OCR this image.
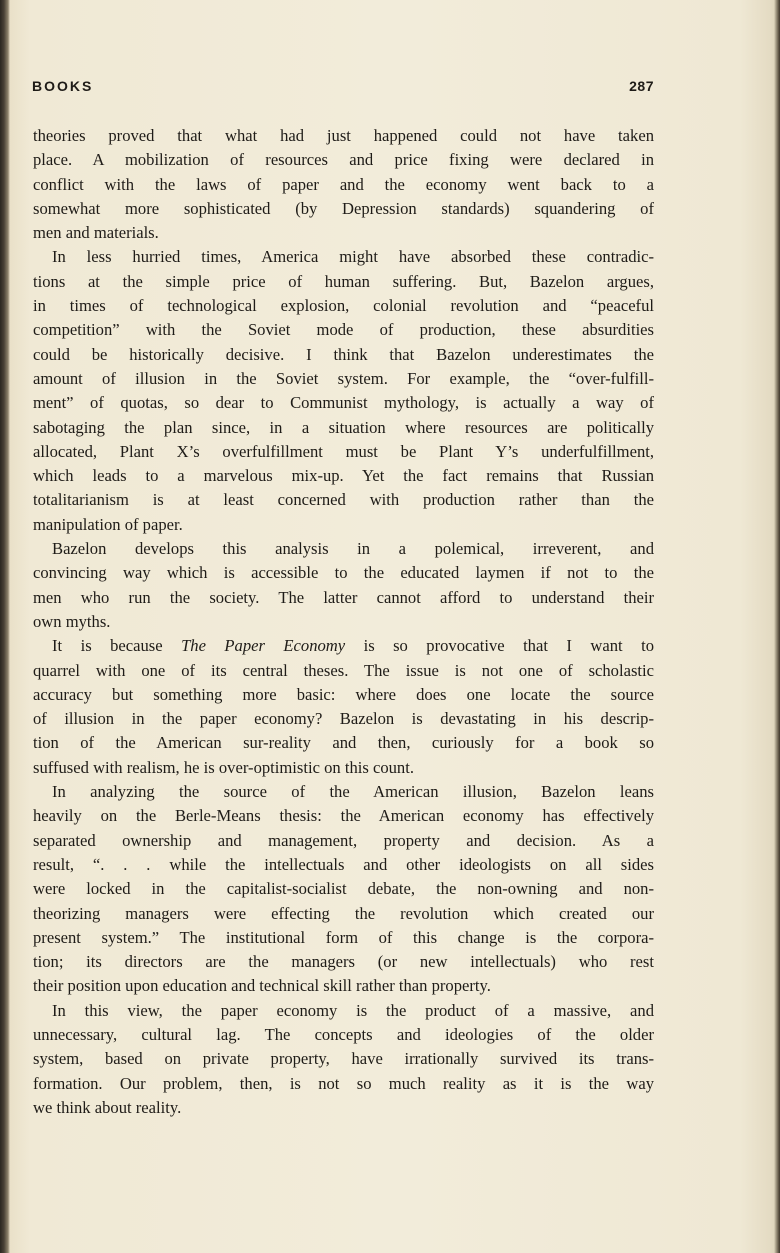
BOOKS	287

theories proved that what had just happened could not have taken
place. A mobilization of resources and price fixing were declared in
conflict with the laws of paper and the economy went back to a
somewhat more sophisticated (by Depression standards) squandering of
men and materials.

In less hurried times, America might have absorbed these contradic-
tions at the simple price of human suffering. But, Bazelon argues,
in times of technological explosion, colonial revolution and “peaceful
competition” with the Soviet mode of production, these absurdities
could be historically decisive. I think that Bazelon underestimates the
amount of illusion in the Soviet system. For example, the “over-fulfill-
ment” of quotas, so dear to Communist mythology, is actually a way of
sabotaging the plan since, in a situation where resources are politically
allocated, Plant X’s overfulfillment must be Plant Y’s underfulfillment,
which leads to a marvelous mix-up. Yet the fact remains that Russian
totalitarianism is at least concerned with production rather than the
manipulation of paper.

Bazelon develops this analysis in a polemical, irreverent, and
convincing way which is accessible to the educated laymen if not to the
men who run the society. The latter cannot afford to understand their
own myths.

It is because The Paper Economy is so provocative that I want to
quarrel with one of its central theses. The issue is not one of scholastic
accuracy but something more basic: where does one locate the source
of illusion in the paper economy? Bazelon is devastating in his descrip-
tion of the American sur-reality and then, curiously for a book so
suffused with realism, he is over-optimistic on this count.

In analyzing the source of the American illusion, Bazelon leans
heavily on the Berle-Means thesis: the American economy has effectively
separated ownership and management, property and decision. As a
result, “. . . while the intellectuals and other ideologists on all sides
were locked in the capitalist-socialist debate, the non-owning and non-
theorizing managers were effecting the revolution which created our
present system.” The institutional form of this change is the corpora-
tion; its directors are the managers (or new intellectuals) who rest
their position upon education and technical skill rather than property.

In this view, the paper economy is the product of a massive, and
unnecessary, cultural lag. The concepts and ideologies of the older
system, based on private property, have irrationally survived its trans-
formation. Our problem, then, is not so much reality as it is the way
we think about reality.
